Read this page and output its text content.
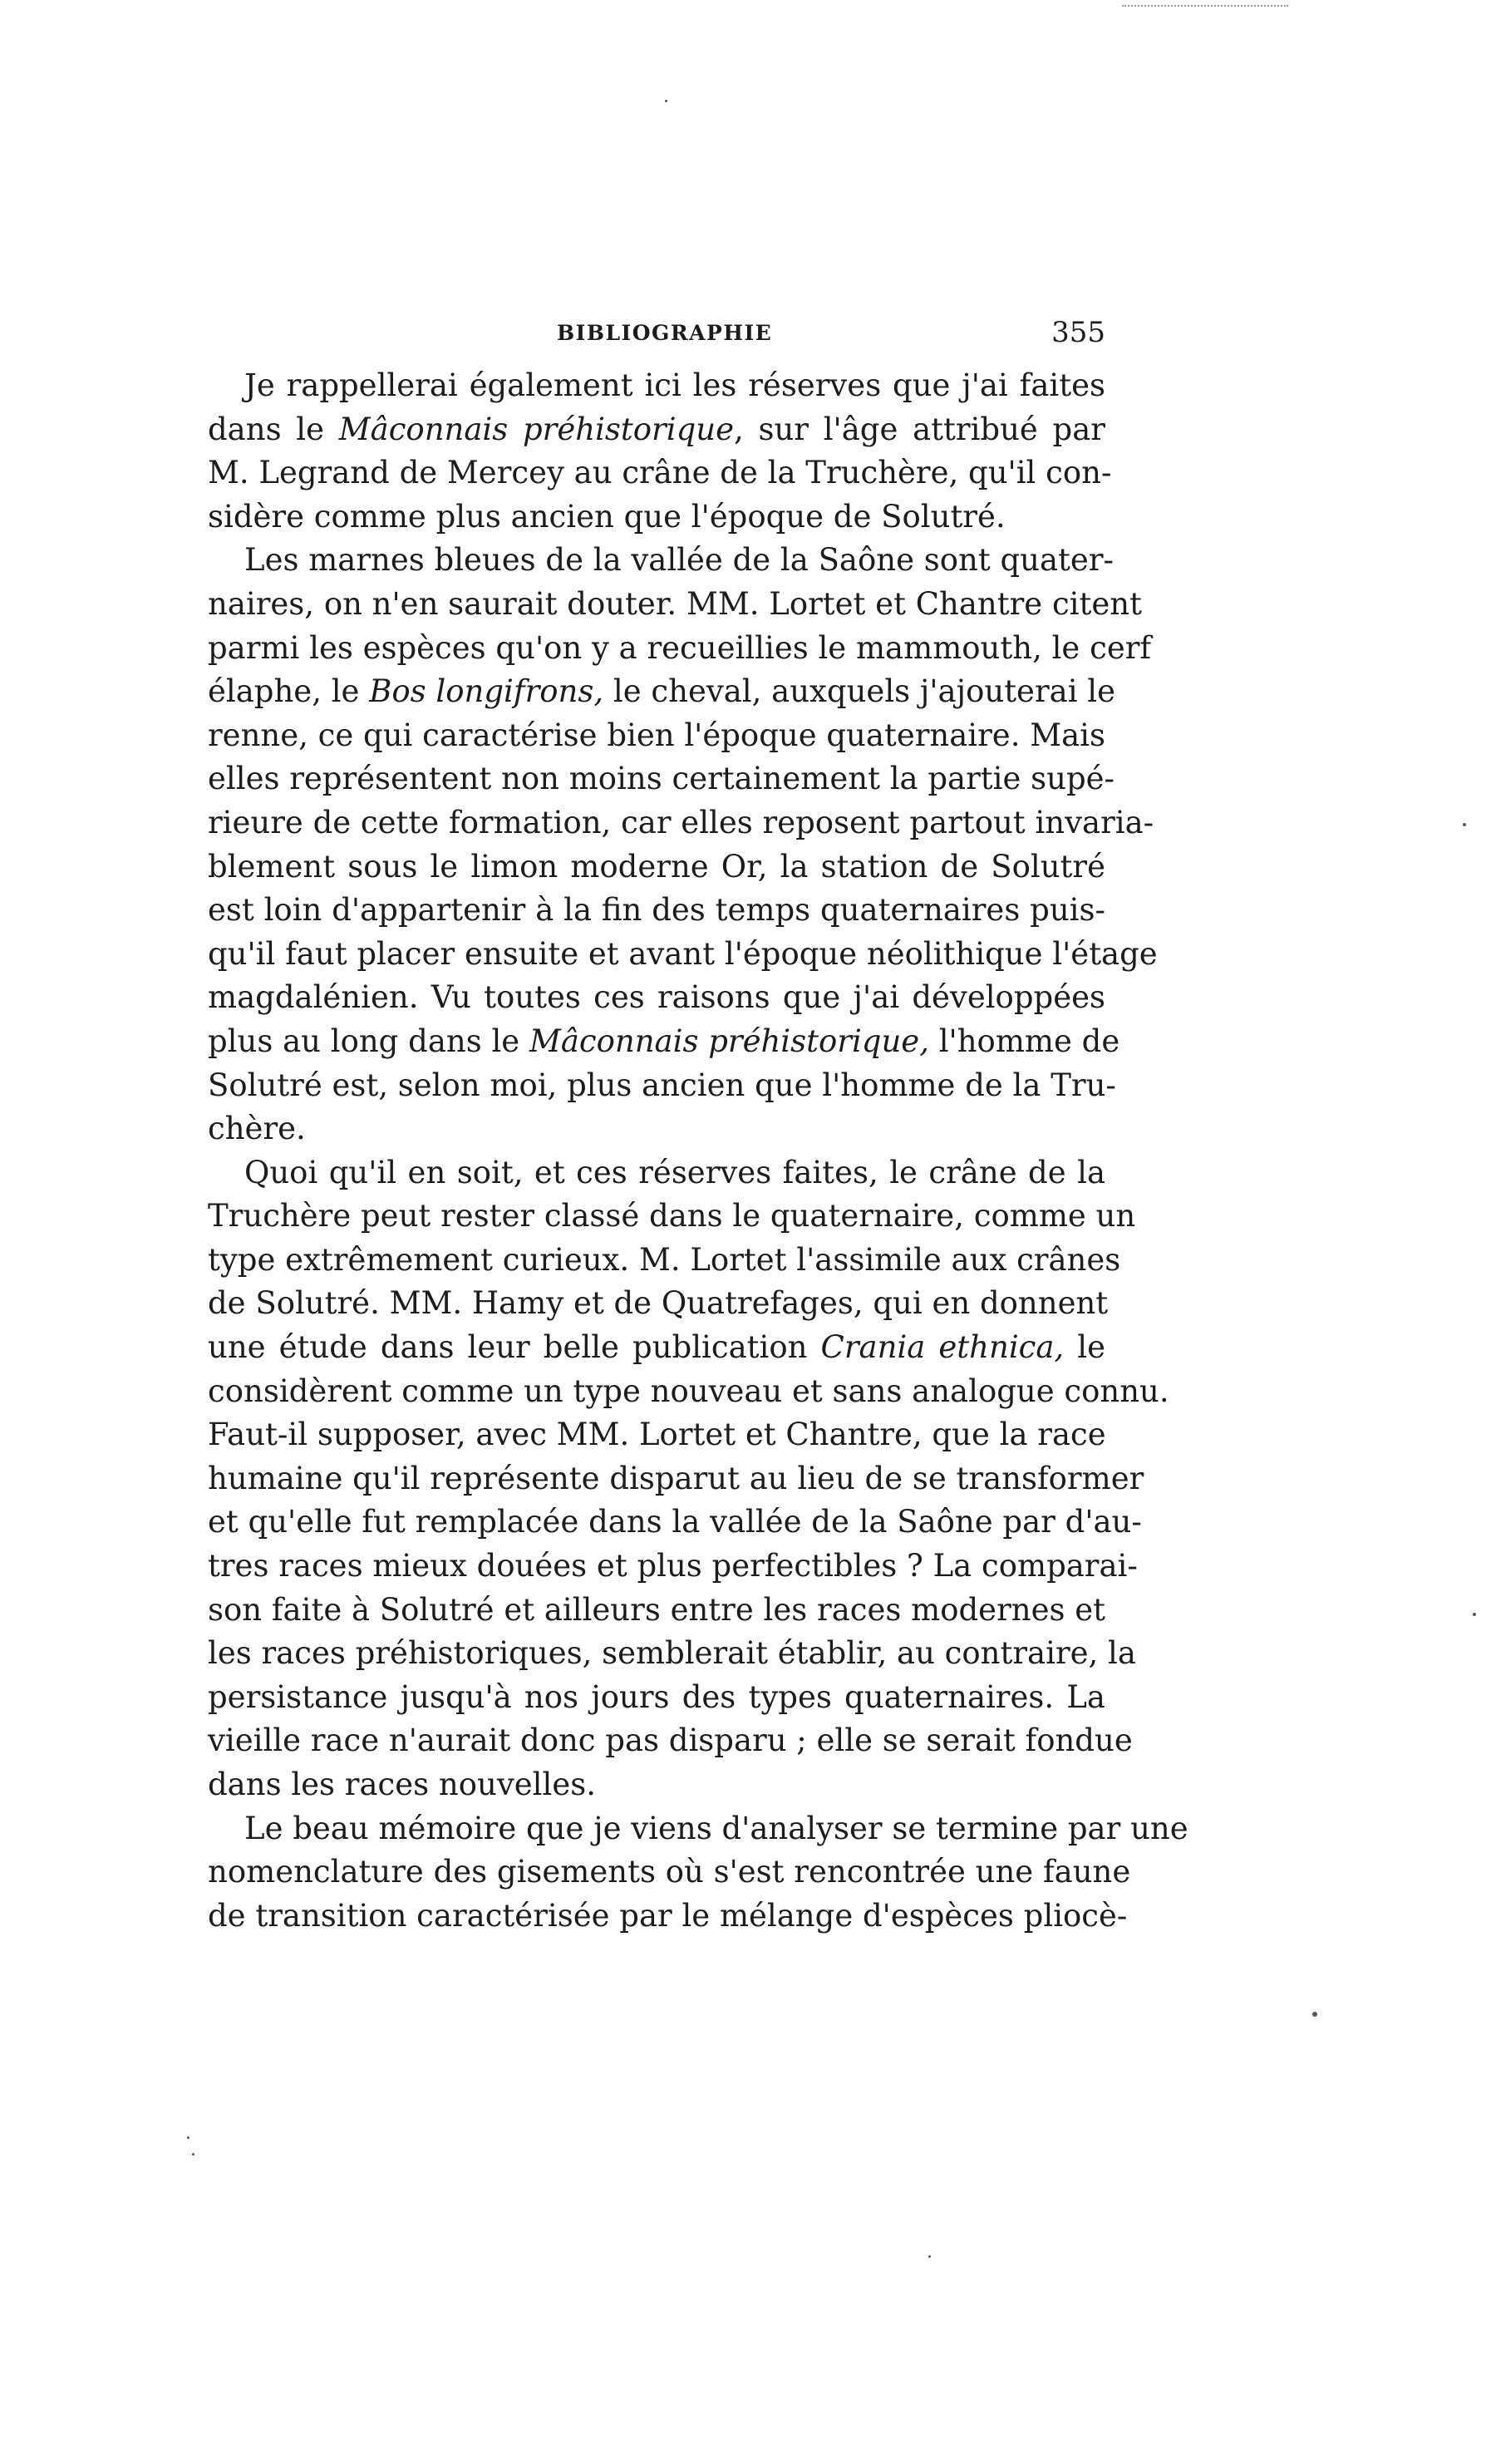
BIBLIOGRAPHIE	355

Je rappellerai également ici les réserves que j'ai faites
dans le Mâconnais préhistorique, sur l'âge attribué par
M. Legrand de Mercey au crâne de la Truchère, qu'il con-
sidère comme plus ancien que l'époque de Solutré.

Les marnes bleues de la vallée de la Saône sont quater-
naires, on n'en saurait douter. MM. Lortet et Chantre citent
parmi les espèces qu'on y a recueillies le mammouth, le cerf
élaphe, le Bos longifrons, le cheval, auxquels j'ajouterai le
renne, ce qui caractérise bien l'époque quaternaire. Mais
elles représentent non moins certainement la partie supé-
rieure de cette formation, car elles reposent partout invaria-
blement sous le limon moderne Or, la station de Solutré
est loin d'appartenir à la fin des temps quaternaires puis-
qu'il faut placer ensuite et avant l'époque néolithique l'étage
magdalénien. Vu toutes ces raisons que j'ai développées
plus au long dans le Mâconnais préhistorique, l'homme de
Solutré est, selon moi, plus ancien que l'homme de la Tru-
chère.

Quoi qu'il en soit, et ces réserves faites, le crâne de la
Truchère peut rester classé dans le quaternaire, comme un
type extrêmement curieux. M. Lortet l'assimile aux crânes
de Solutré. MM. Hamy et de Quatrefages, qui en donnent
une étude dans leur belle publication Crania ethnica, le
considèrent comme un type nouveau et sans analogue connu.
Faut-il supposer, avec MM. Lortet et Chantre, que la race
humaine qu'il représente disparut au lieu de se transformer
et qu'elle fut remplacée dans la vallée de la Saône par d'au-
tres races mieux douées et plus perfectibles ? La comparai-
son faite à Solutré et ailleurs entre les races modernes et
les races préhistoriques, semblerait établir, au contraire, la
persistance jusqu'à nos jours des types quaternaires. La
vieille race n'aurait donc pas disparu ; elle se serait fondue
dans les races nouvelles.

Le beau mémoire que je viens d'analyser se termine par une
nomenclature des gisements où s'est rencontrée une faune
de transition caractérisée par le mélange d'espèces pliocè-
